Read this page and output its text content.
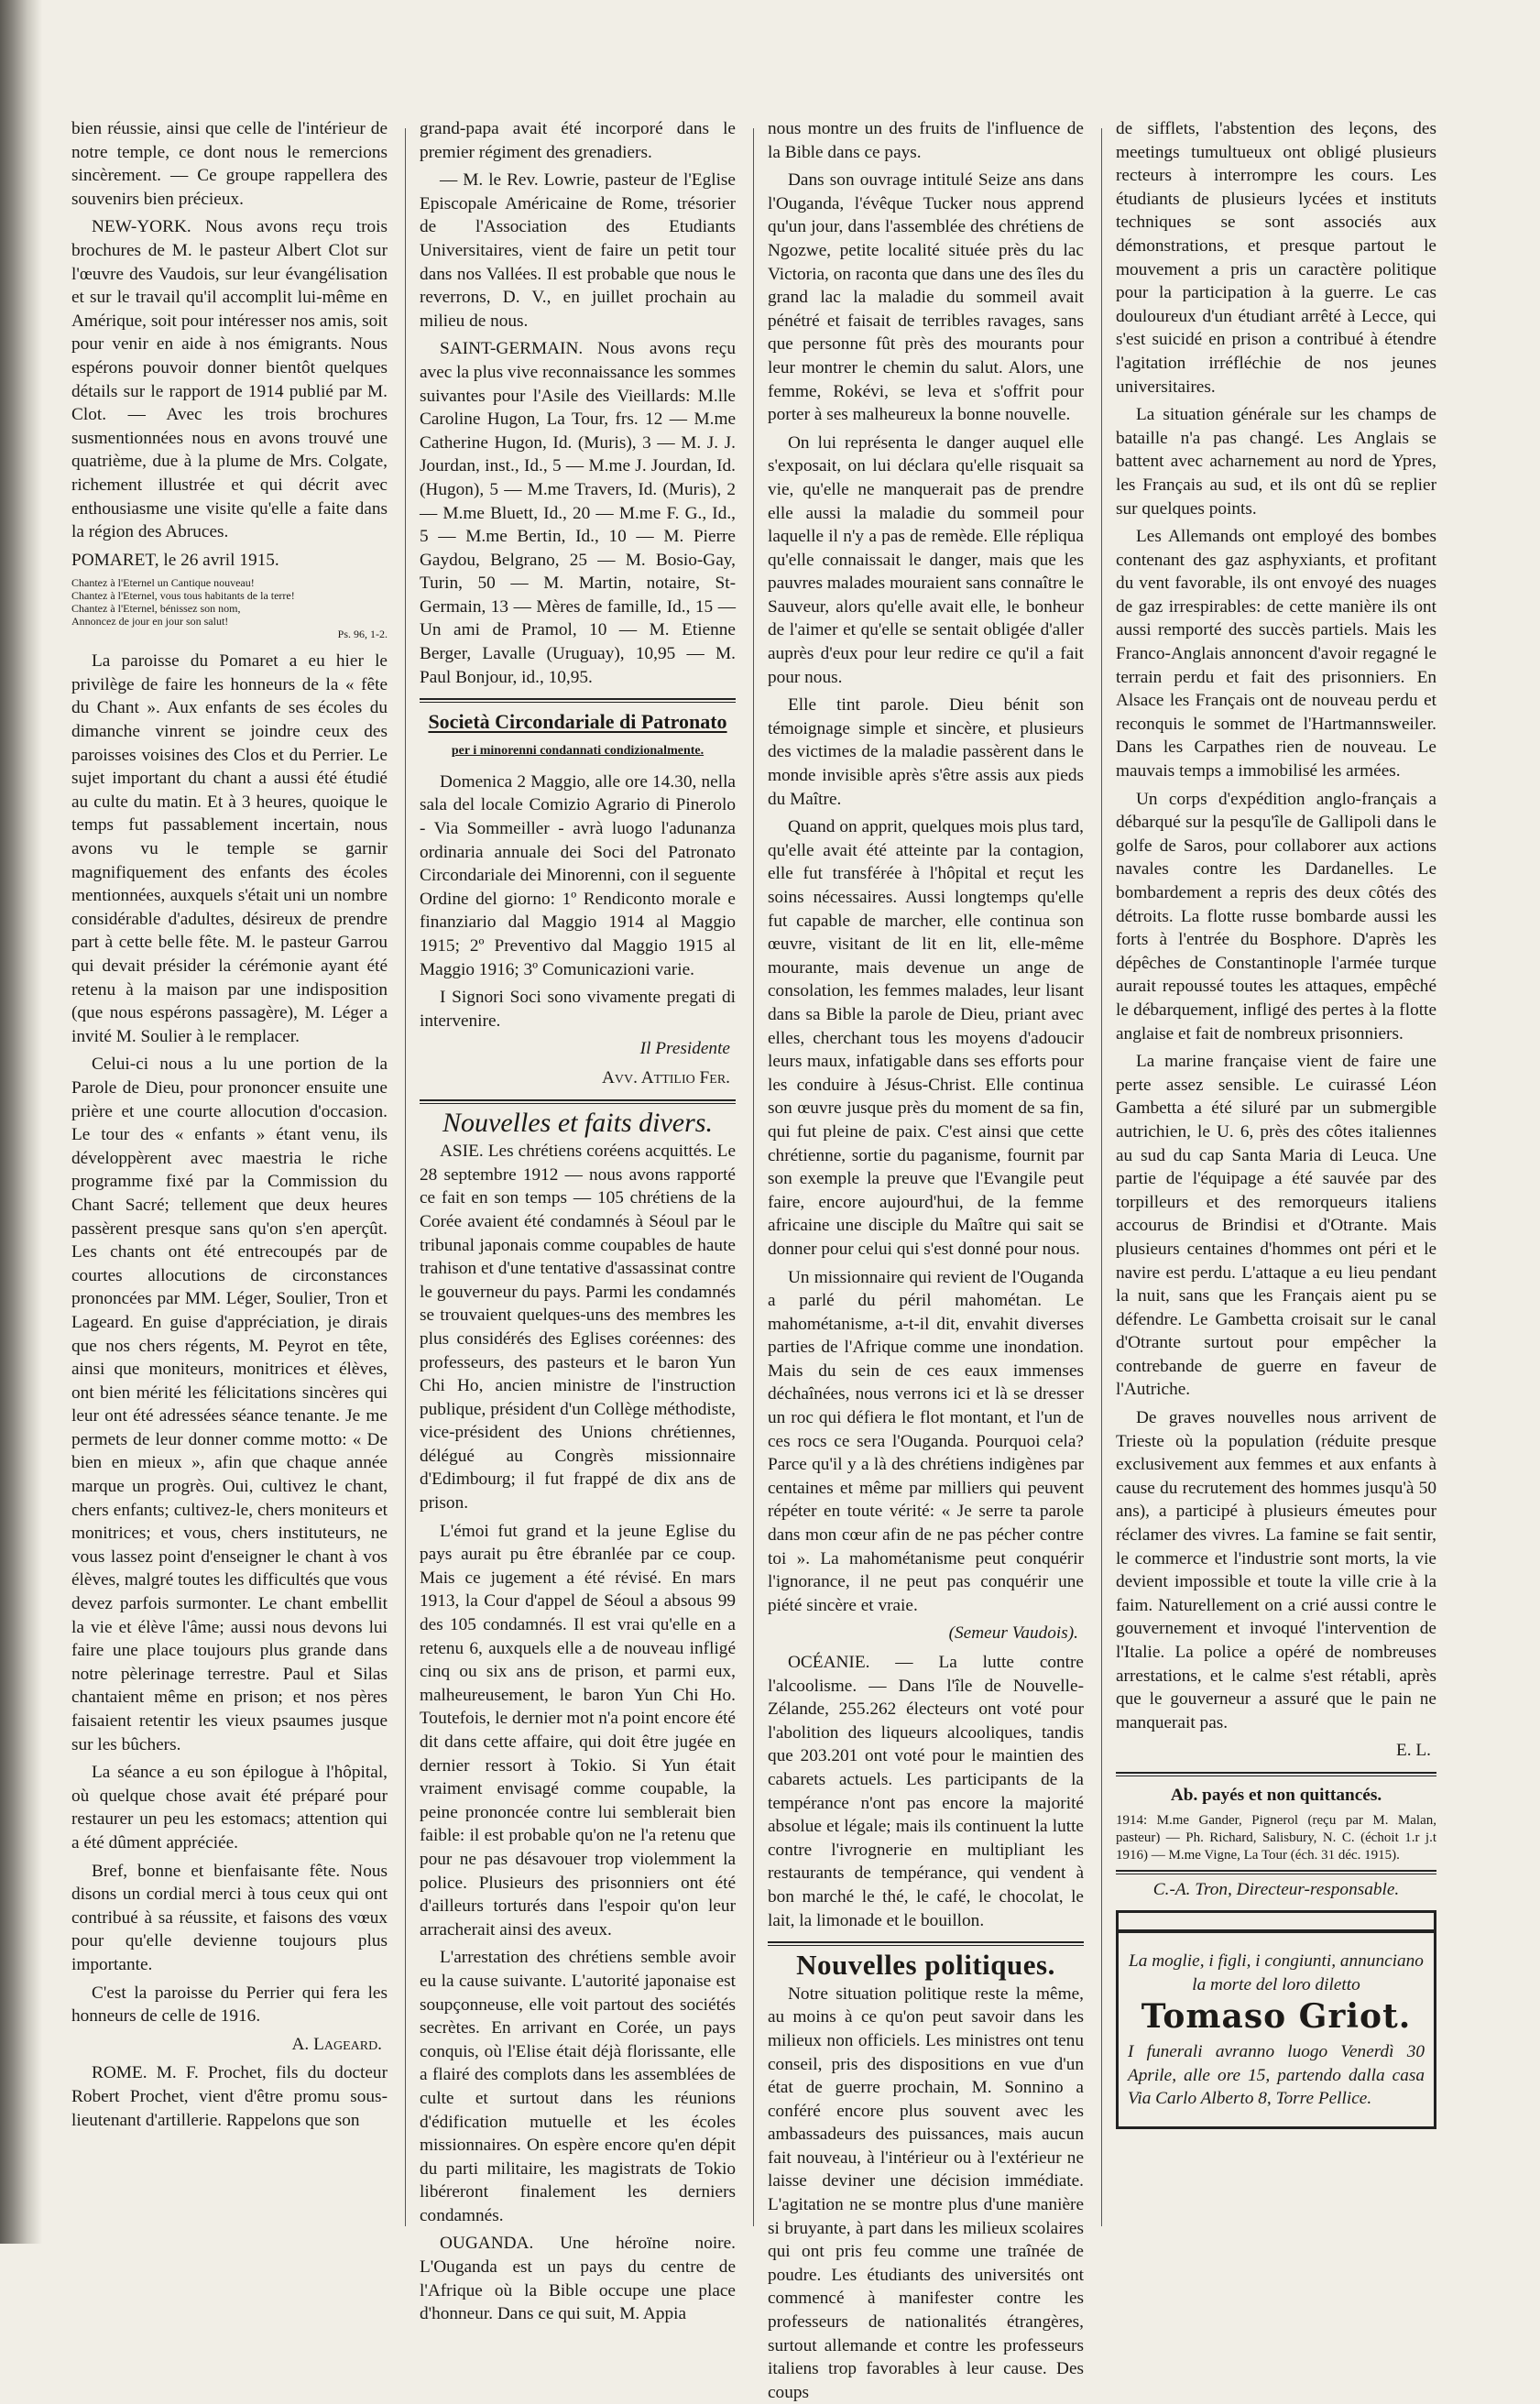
bien réussie, ainsi que celle de l'intérieur de notre temple, ce dont nous le remercions sincèrement. — Ce groupe rappellera des souvenirs bien précieux.

NEW-YORK. Nous avons reçu trois brochures de M. le pasteur Albert Clot sur l'œuvre des Vaudois, sur leur évangélisation et sur le travail qu'il accomplit lui-même en Amérique, soit pour intéresser nos amis, soit pour venir en aide à nos émigrants. Nous espérons pouvoir donner bientôt quelques détails sur le rapport de 1914 publié par M. Clot. — Avec les trois brochures susmentionnées nous en avons trouvé une quatrième, due à la plume de Mrs. Colgate, richement illustrée et qui décrit avec enthousiasme une visite qu'elle a faite dans la région des Abruces.

POMARET, le 26 avril 1915.

Chantez à l'Eternel un Cantique nouveau!
Chantez à l'Eternel, vous tous habitants de la terre!
Chantez à l'Eternel, bénissez son nom,
Annoncez de jour en jour son salut!
Ps. 96, 1-2.

La paroisse du Pomaret a eu hier le privilège de faire les honneurs de la « fête du Chant ». Aux enfants de ses écoles du dimanche vinrent se joindre ceux des paroisses voisines des Clos et du Perrier. Le sujet important du chant a aussi été étudié au culte du matin. Et à 3 heures, quoique le temps fut passablement incertain, nous avons vu le temple se garnir magnifiquement des enfants des écoles mentionnées, auxquels s'était uni un nombre considérable d'adultes, désireux de prendre part à cette belle fête. M. le pasteur Garrou qui devait présider la cérémonie ayant été retenu à la maison par une indisposition (que nous espérons passagère), M. Léger a invité M. Soulier à le remplacer.

Celui-ci nous a lu une portion de la Parole de Dieu, pour prononcer ensuite une prière et une courte allocution d'occasion. Le tour des « enfants » étant venu, ils développèrent avec maestria le riche programme fixé par la Commission du Chant Sacré; tellement que deux heures passèrent presque sans qu'on s'en aperçût. Les chants ont été entrecoupés par de courtes allocutions de circonstances prononcées par MM. Léger, Soulier, Tron et Lageard. En guise d'appréciation, je dirais que nos chers régents, M. Peyrot en tête, ainsi que moniteurs, monitrices et élèves, ont bien mérité les félicitations sincères qui leur ont été adressées séance tenante. Je me permets de leur donner comme motto: « De bien en mieux », afin que chaque année marque un progrès. Oui, cultivez le chant, chers enfants; cultivez-le, chers moniteurs et monitrices; et vous, chers instituteurs, ne vous lassez point d'enseigner le chant à vos élèves, malgré toutes les difficultés que vous devez parfois surmonter. Le chant embellit la vie et élève l'âme; aussi nous devons lui faire une place toujours plus grande dans notre pèlerinage terrestre. Paul et Silas chantaient même en prison; et nos pères faisaient retentir les vieux psaumes jusque sur les bûchers.

La séance a eu son épilogue à l'hôpital, où quelque chose avait été préparé pour restaurer un peu les estomacs; attention qui a été dûment appréciée.

Bref, bonne et bienfaisante fête. Nous disons un cordial merci à tous ceux qui ont contribué à sa réussite, et faisons des vœux pour qu'elle devienne toujours plus importante.

C'est la paroisse du Perrier qui fera les honneurs de celle de 1916.

A. Lageard.

ROME. M. F. Prochet, fils du docteur Robert Prochet, vient d'être promu sous-lieutenant d'artillerie. Rappelons que son

grand-papa avait été incorporé dans le premier régiment des grenadiers.

— M. le Rev. Lowrie, pasteur de l'Eglise Episcopale Américaine de Rome, trésorier de l'Association des Etudiants Universitaires, vient de faire un petit tour dans nos Vallées. Il est probable que nous le reverrons, D. V., en juillet prochain au milieu de nous.

SAINT-GERMAIN. Nous avons reçu avec la plus vive reconnaissance les sommes suivantes pour l'Asile des Vieillards: M.lle Caroline Hugon, La Tour, frs. 12 — M.me Catherine Hugon, Id. (Muris), 3 — M. J. J. Jourdan, inst., Id., 5 — M.me J. Jourdan, Id. (Hugon), 5 — M.me Travers, Id. (Muris), 2 — M.me Bluett, Id., 20 — M.me F. G., Id., 5 — M.me Bertin, Id., 10 — M. Pierre Gaydou, Belgrano, 25 — M. Bosio-Gay, Turin, 50 — M. Martin, notaire, St-Germain, 13 — Mères de famille, Id., 15 — Un ami de Pramol, 10 — M. Etienne Berger, Lavalle (Uruguay), 10,95 — M. Paul Bonjour, id., 10,95.

Società Circondariale di Patronato

per i minorenni condannati condizionalmente.

Domenica 2 Maggio, alle ore 14.30, nella sala del locale Comizio Agrario di Pinerolo - Via Sommeiller - avrà luogo l'adunanza ordinaria annuale dei Soci del Patronato Circondariale dei Minorenni, con il seguente Ordine del giorno: 1º Rendiconto morale e finanziario dal Maggio 1914 al Maggio 1915; 2º Preventivo dal Maggio 1915 al Maggio 1916; 3º Comunicazioni varie.

I Signori Soci sono vivamente pregati di intervenire.

Il Presidente

Avv. Attilio Fer.

Nouvelles et faits divers.

ASIE. Les chrétiens coréens acquittés. Le 28 septembre 1912 — nous avons rapporté ce fait en son temps — 105 chrétiens de la Corée avaient été condamnés à Séoul par le tribunal japonais comme coupables de haute trahison et d'une tentative d'assassinat contre le gouverneur du pays. Parmi les condamnés se trouvaient quelques-uns des membres les plus considérés des Eglises coréennes: des professeurs, des pasteurs et le baron Yun Chi Ho, ancien ministre de l'instruction publique, président d'un Collège méthodiste, vice-président des Unions chrétiennes, délégué au Congrès missionnaire d'Edimbourg; il fut frappé de dix ans de prison.

L'émoi fut grand et la jeune Eglise du pays aurait pu être ébranlée par ce coup. Mais ce jugement a été révisé. En mars 1913, la Cour d'appel de Séoul a absous 99 des 105 condamnés. Il est vrai qu'elle en a retenu 6, auxquels elle a de nouveau infligé cinq ou six ans de prison, et parmi eux, malheureusement, le baron Yun Chi Ho. Toutefois, le dernier mot n'a point encore été dit dans cette affaire, qui doit être jugée en dernier ressort à Tokio. Si Yun était vraiment envisagé comme coupable, la peine prononcée contre lui semblerait bien faible: il est probable qu'on ne l'a retenu que pour ne pas désavouer trop violemment la police. Plusieurs des prisonniers ont été d'ailleurs torturés dans l'espoir qu'on leur arracherait ainsi des aveux.

L'arrestation des chrétiens semble avoir eu la cause suivante. L'autorité japonaise est soupçonneuse, elle voit partout des sociétés secrètes. En arrivant en Corée, un pays conquis, où l'Elise était déjà florissante, elle a flairé des complots dans les assemblées de culte et surtout dans les réunions d'édification mutuelle et les écoles missionnaires. On espère encore qu'en dépit du parti militaire, les magistrats de Tokio libéreront finalement les derniers condamnés.

OUGANDA. Une héroïne noire. L'Ouganda est un pays du centre de l'Afrique où la Bible occupe une place d'honneur. Dans ce qui suit, M. Appia

nous montre un des fruits de l'influence de la Bible dans ce pays.

Dans son ouvrage intitulé Seize ans dans l'Ouganda, l'évêque Tucker nous apprend qu'un jour, dans l'assemblée des chrétiens de Ngozwe, petite localité située près du lac Victoria, on raconta que dans une des îles du grand lac la maladie du sommeil avait pénétré et faisait de terribles ravages, sans que personne fût près des mourants pour leur montrer le chemin du salut. Alors, une femme, Rokévi, se leva et s'offrit pour porter à ses malheureux la bonne nouvelle.

On lui représenta le danger auquel elle s'exposait, on lui déclara qu'elle risquait sa vie, qu'elle ne manquerait pas de prendre elle aussi la maladie du sommeil pour laquelle il n'y a pas de remède. Elle répliqua qu'elle connaissait le danger, mais que les pauvres malades mouraient sans connaître le Sauveur, alors qu'elle avait elle, le bonheur de l'aimer et qu'elle se sentait obligée d'aller auprès d'eux pour leur redire ce qu'il a fait pour nous.

Elle tint parole. Dieu bénit son témoignage simple et sincère, et plusieurs des victimes de la maladie passèrent dans le monde invisible après s'être assis aux pieds du Maître.

Quand on apprit, quelques mois plus tard, qu'elle avait été atteinte par la contagion, elle fut transférée à l'hôpital et reçut les soins nécessaires. Aussi longtemps qu'elle fut capable de marcher, elle continua son œuvre, visitant de lit en lit, elle-même mourante, mais devenue un ange de consolation, les femmes malades, leur lisant dans sa Bible la parole de Dieu, priant avec elles, cherchant tous les moyens d'adoucir leurs maux, infatigable dans ses efforts pour les conduire à Jésus-Christ. Elle continua son œuvre jusque près du moment de sa fin, qui fut pleine de paix. C'est ainsi que cette chrétienne, sortie du paganisme, fournit par son exemple la preuve que l'Evangile peut faire, encore aujourd'hui, de la femme africaine une disciple du Maître qui sait se donner pour celui qui s'est donné pour nous.

Un missionnaire qui revient de l'Ouganda a parlé du péril mahométan. Le mahométanisme, a-t-il dit, envahit diverses parties de l'Afrique comme une inondation. Mais du sein de ces eaux immenses déchaînées, nous verrons ici et là se dresser un roc qui défiera le flot montant, et l'un de ces rocs ce sera l'Ouganda. Pourquoi cela? Parce qu'il y a là des chrétiens indigènes par centaines et même par milliers qui peuvent répéter en toute vérité: « Je serre ta parole dans mon cœur afin de ne pas pécher contre toi ». La mahométanisme peut conquérir l'ignorance, il ne peut pas conquérir une piété sincère et vraie.

(Semeur Vaudois).

OCÉANIE. — La lutte contre l'alcoolisme. — Dans l'île de Nouvelle-Zélande, 255.262 électeurs ont voté pour l'abolition des liqueurs alcooliques, tandis que 203.201 ont voté pour le maintien des cabarets actuels. Les participants de la tempérance n'ont pas encore la majorité absolue et légale; mais ils continuent la lutte contre l'ivrognerie en multipliant les restaurants de tempérance, qui vendent à bon marché le thé, le café, le chocolat, le lait, la limonade et le bouillon.

Nouvelles politiques.

Notre situation politique reste la même, au moins à ce qu'on peut savoir dans les milieux non officiels. Les ministres ont tenu conseil, pris des dispositions en vue d'un état de guerre prochain, M. Sonnino a conféré encore plus souvent avec les ambassadeurs des puissances, mais aucun fait nouveau, à l'intérieur ou à l'extérieur ne laisse deviner une décision immédiate. L'agitation ne se montre plus d'une manière si bruyante, à part dans les milieux scolaires qui ont pris feu comme une traînée de poudre. Les étudiants des universités ont commencé à manifester contre les professeurs de nationalités étrangères, surtout allemande et contre les professeurs italiens trop favorables à leur cause. Des coups

de sifflets, l'abstention des leçons, des meetings tumultueux ont obligé plusieurs recteurs à interrompre les cours. Les étudiants de plusieurs lycées et instituts techniques se sont associés aux démonstrations, et presque partout le mouvement a pris un caractère politique pour la participation à la guerre. Le cas douloureux d'un étudiant arrêté à Lecce, qui s'est suicidé en prison a contribué à étendre l'agitation irréfléchie de nos jeunes universitaires.

La situation générale sur les champs de bataille n'a pas changé. Les Anglais se battent avec acharnement au nord de Ypres, les Français au sud, et ils ont dû se replier sur quelques points.

Les Allemands ont employé des bombes contenant des gaz asphyxiants, et profitant du vent favorable, ils ont envoyé des nuages de gaz irrespirables: de cette manière ils ont aussi remporté des succès partiels. Mais les Franco-Anglais annoncent d'avoir regagné le terrain perdu et fait des prisonniers. En Alsace les Français ont de nouveau perdu et reconquis le sommet de l'Hartmannsweiler. Dans les Carpathes rien de nouveau. Le mauvais temps a immobilisé les armées.

Un corps d'expédition anglo-français a débarqué sur la pesqu'île de Gallipoli dans le golfe de Saros, pour collaborer aux actions navales contre les Dardanelles. Le bombardement a repris des deux côtés des détroits. La flotte russe bombarde aussi les forts à l'entrée du Bosphore. D'après les dépêches de Constantinople l'armée turque aurait repoussé toutes les attaques, empêché le débarquement, infligé des pertes à la flotte anglaise et fait de nombreux prisonniers.

La marine française vient de faire une perte assez sensible. Le cuirassé Léon Gambetta a été siluré par un submergible autrichien, le U. 6, près des côtes italiennes au sud du cap Santa Maria di Leuca. Une partie de l'équipage a été sauvée par des torpilleurs et des remorqueurs italiens accourus de Brindisi et d'Otrante. Mais plusieurs centaines d'hommes ont péri et le navire est perdu. L'attaque a eu lieu pendant la nuit, sans que les Français aient pu se défendre. Le Gambetta croisait sur le canal d'Otrante surtout pour empêcher la contrebande de guerre en faveur de l'Autriche.

De graves nouvelles nous arrivent de Trieste où la population (réduite presque exclusivement aux femmes et aux enfants à cause du recrutement des hommes jusqu'à 50 ans), a participé à plusieurs émeutes pour réclamer des vivres. La famine se fait sentir, le commerce et l'industrie sont morts, la vie devient impossible et toute la ville crie à la faim. Naturellement on a crié aussi contre le gouvernement et invoqué l'intervention de l'Italie. La police a opéré de nombreuses arrestations, et le calme s'est rétabli, après que le gouverneur a assuré que le pain ne manquerait pas.

E. L.

Ab. payés et non quittancés.

1914: M.me Gander, Pignerol (reçu par M. Malan, pasteur) — Ph. Richard, Salisbury, N. C. (échoit 1.r j.t 1916) — M.me Vigne, La Tour (éch. 31 déc. 1915).

C.-A. Tron, Directeur-responsable.

La moglie, i figli, i congiunti, annunciano la morte del loro diletto

Tomaso Griot.

I funerali avranno luogo Venerdì 30 Aprile, alle ore 15, partendo dalla casa Via Carlo Alberto 8, Torre Pellice.
